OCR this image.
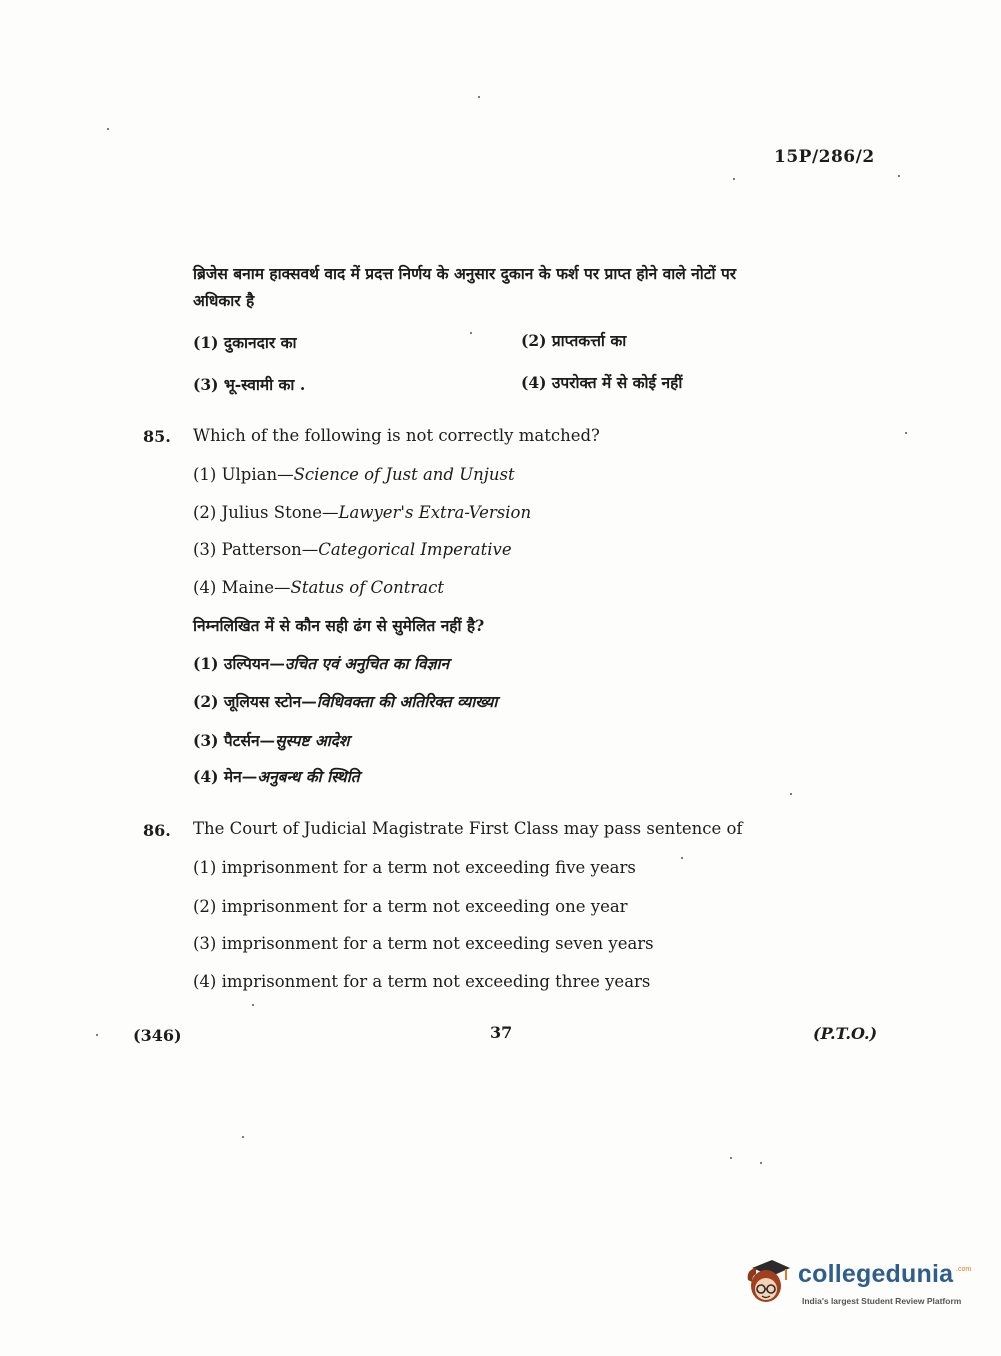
15P/286/2
ब्रिजेस बनाम हाक्सवर्थ वाद में प्रदत्त निर्णय के अनुसार दुकान के फर्श पर प्राप्त होने वाले नोटों पर
अधिकार है
(1) दुकानदार का	(2) प्राप्तकर्त्ता का
(3) भू-स्वामी का .	(4) उपरोक्त में से कोई नहीं
85. Which of the following is not correctly matched?
(1) Ulpian—Science of Just and Unjust
(2) Julius Stone—Lawyer's Extra-Version
(3) Patterson—Categorical Imperative
(4) Maine—Status of Contract
निम्नलिखित में से कौन सही ढंग से सुमेलित नहीं है?
(1) उल्पियन—उचित एवं अनुचित का विज्ञान
(2) जूलियस स्टोन—विधिवक्ता की अतिरिक्त व्याख्या
(3) पैटर्सन—सुस्पष्ट आदेश
(4) मेन—अनुबन्ध की स्थिति
86. The Court of Judicial Magistrate First Class may pass sentence of
(1) imprisonment for a term not exceeding five years
(2) imprisonment for a term not exceeding one year
(3) imprisonment for a term not exceeding seven years
(4) imprisonment for a term not exceeding three years
(346)	37	(P.T.O.)
collegedunia .com
India's largest Student Review Platform
